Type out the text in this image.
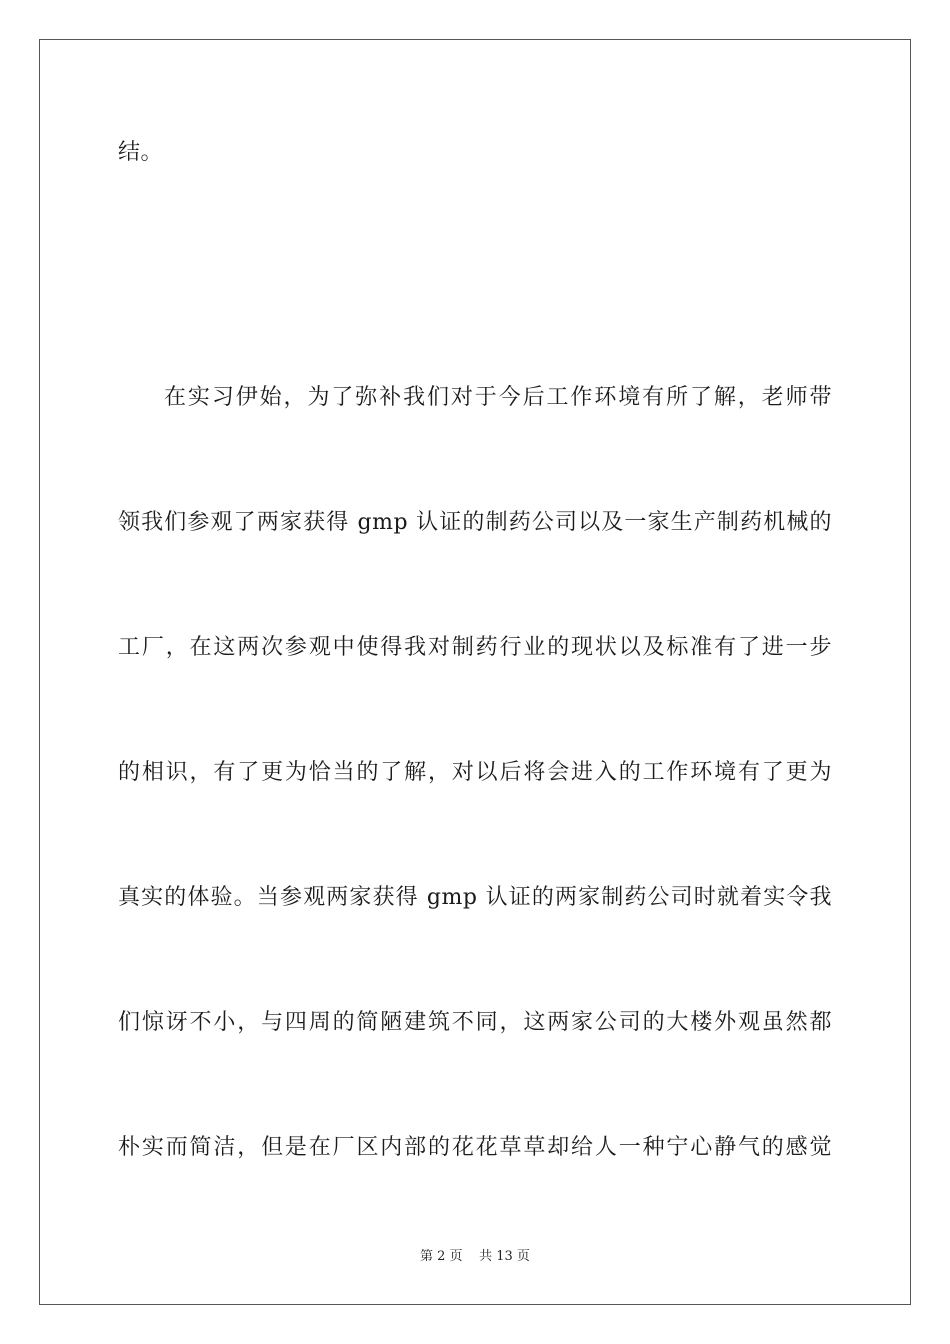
结。
在实习伊始，为了弥补我们对于今后工作环境有所了解，老师带
领我们参观了两家获得 gmp 认证的制药公司以及一家生产制药机械的
工厂，在这两次参观中使得我对制药行业的现状以及标准有了进一步
的相识，有了更为恰当的了解，对以后将会进入的工作环境有了更为
真实的体验。当参观两家获得 gmp 认证的两家制药公司时就着实令我
们惊讶不小，与四周的简陋建筑不同，这两家公司的大楼外观虽然都
朴实而简洁，但是在厂区内部的花花草草却给人一种宁心静气的感觉
第 2 页 共 13 页
